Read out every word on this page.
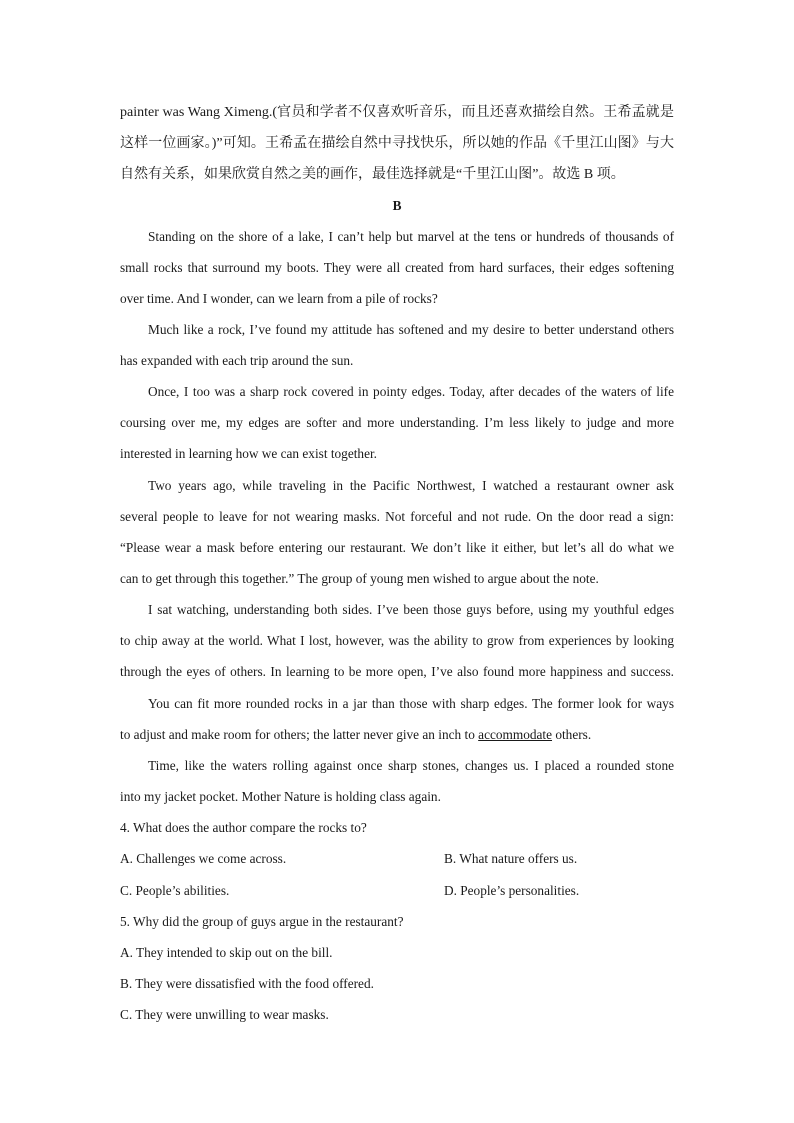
painter was Wang Ximeng.(官员和学者不仅喜欢听音乐，而且还喜欢描绘自然。王希孟就是
这样一位画家。)”可知。王希孟在描绘自然中寻找快乐，所以她的作品《千里江山图》与大
自然有关系，如果欣赏自然之美的画作，最佳选择就是“千里江山图”。故选 B 项。
B
Standing on the shore of a lake, I can’t help but marvel at the tens or hundreds of thousands of
small rocks that surround my boots. They were all created from hard surfaces, their edges softening
over time. And I wonder, can we learn from a pile of rocks?
Much like a rock, I’ve found my attitude has softened and my desire to better understand others
has expanded with each trip around the sun.
Once, I too was a sharp rock covered in pointy edges. Today, after decades of the waters of life
coursing over me, my edges are softer and more understanding. I’m less likely to judge and more
interested in learning how we can exist together.
Two years ago, while traveling in the Pacific Northwest, I watched a restaurant owner ask
several people to leave for not wearing masks. Not forceful and not rude. On the door read a sign:
“Please wear a mask before entering our restaurant. We don’t like it either, but let’s all do what we
can to get through this together.” The group of young men wished to argue about the note.
I sat watching, understanding both sides. I’ve been those guys before, using my youthful edges
to chip away at the world. What I lost, however, was the ability to grow from experiences by looking
through the eyes of others. In learning to be more open, I’ve also found more happiness and success.
You can fit more rounded rocks in a jar than those with sharp edges. The former look for ways
to adjust and make room for others; the latter never give an inch to accommodate others.
Time, like the waters rolling against once sharp stones, changes us. I placed a rounded stone
into my jacket pocket. Mother Nature is holding class again.
4. What does the author compare the rocks to?
A. Challenges we come across.	B. What nature offers us.
C. People’s abilities.	D. People’s personalities.
5. Why did the group of guys argue in the restaurant?
A. They intended to skip out on the bill.
B. They were dissatisfied with the food offered.
C. They were unwilling to wear masks.
